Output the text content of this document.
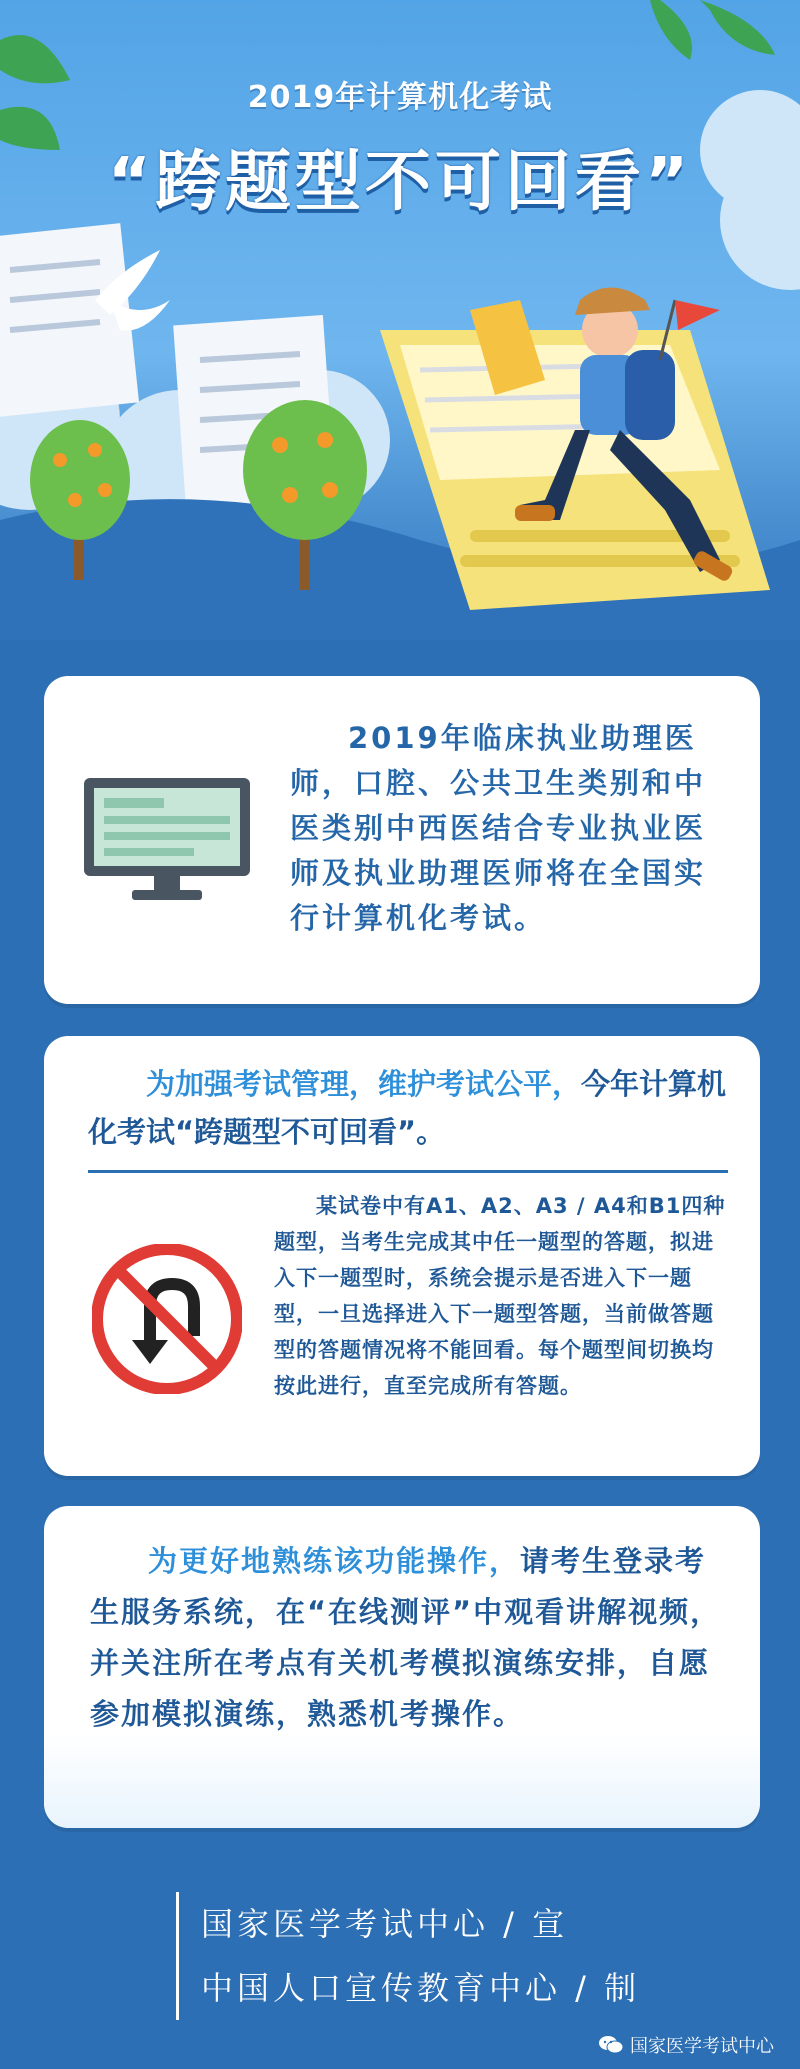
2019年计算机化考试
“跨题型不可回看”
2019年临床执业助理医师，口腔、公共卫生类别和中医类别中西医结合专业执业医师及执业助理医师将在全国实行计算机化考试。
为加强考试管理，维护考试公平，今年计算机化考试“跨题型不可回看”。
某试卷中有A1、A2、A3 / A4和B1四种题型，当考生完成其中任一题型的答题，拟进入下一题型时，系统会提示是否进入下一题型，一旦选择进入下一题型答题，当前做答题型的答题情况将不能回看。每个题型间切换均按此进行，直至完成所有答题。
为更好地熟练该功能操作，请考生登录考生服务系统，在“在线测评”中观看讲解视频，并关注所在考点有关机考模拟演练安排，自愿参加模拟演练，熟悉机考操作。
国家医学考试中心 / 宣
中国人口宣传教育中心 / 制
国家医学考试中心
